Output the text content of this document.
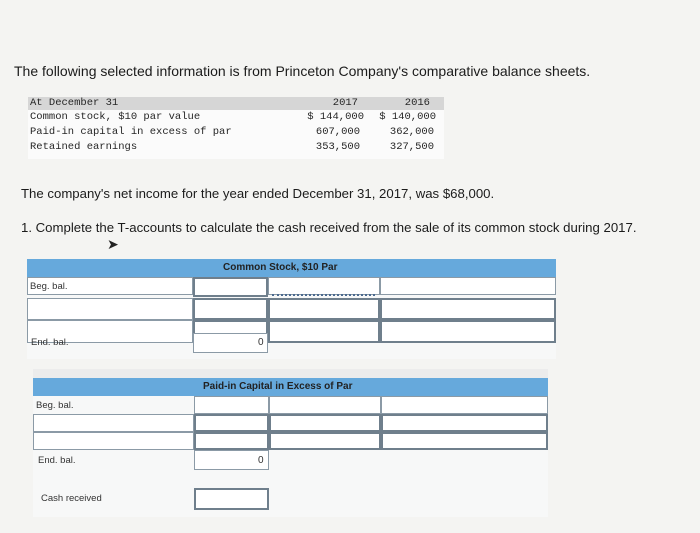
The following selected information is from Princeton Company's comparative balance sheets.
At December 31	2017	2016
Common stock, $10 par value	$ 144,000	$ 140,000
Paid-in capital in excess of par	607,000	362,000
Retained earnings	353,500	327,500
The company's net income for the year ended December 31, 2017, was $68,000.
1. Complete the T-accounts to calculate the cash received from the sale of its common stock during 2017.
➤
Common Stock, $10 Par
Beg. bal.
End. bal.	0
Paid-in Capital in Excess of Par
Beg. bal.
End. bal.	0
Cash received
